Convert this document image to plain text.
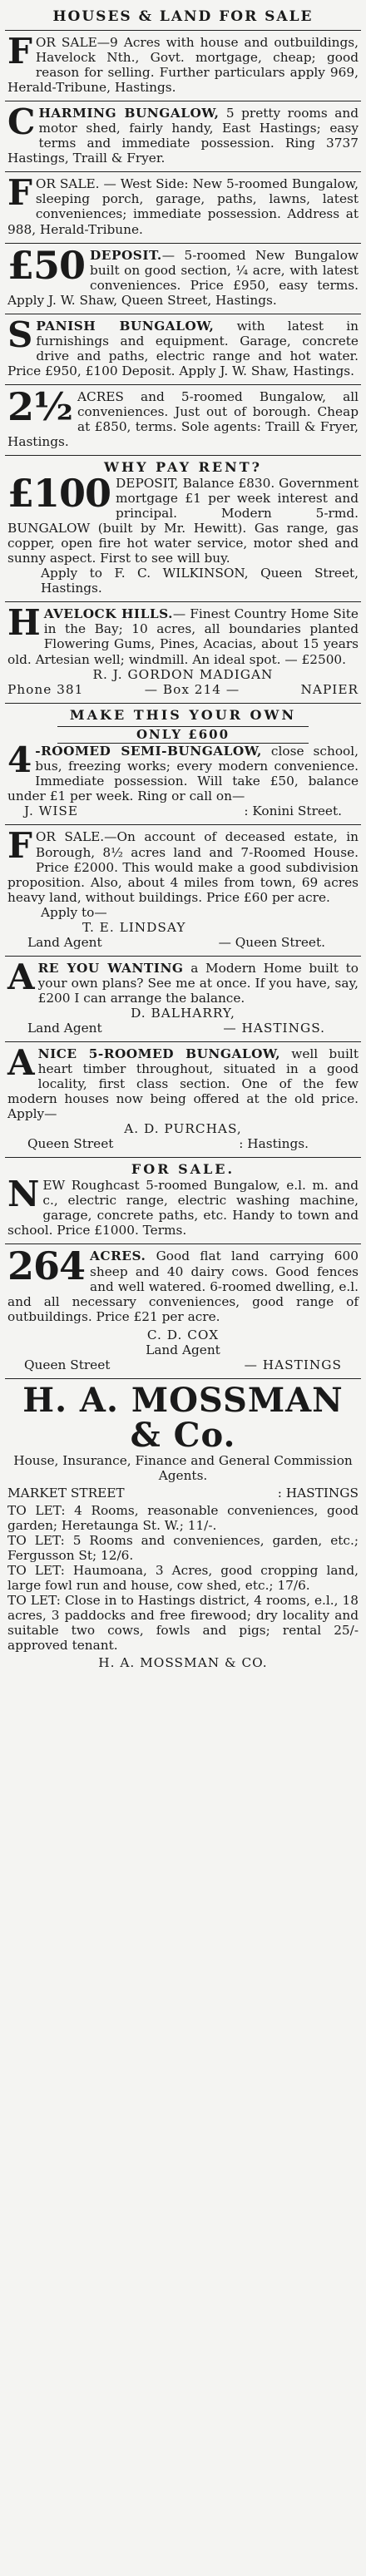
HOUSES & LAND FOR SALE
F OR SALE—9 Acres with house and outbuildings, Havelock Nth., Govt. mortgage, cheap; good reason for selling. Further particulars apply 969, Herald-Tribune, Hastings.

C HARMING BUNGALOW, 5 pretty rooms and motor shed, fairly handy, East Hastings; easy terms and immediate possession. Ring 3737 Hastings, Traill & Fryer.

F OR SALE. — West Side: New 5-roomed Bungalow, sleeping porch, garage, paths, lawns, latest conveniences; immediate possession. Address at 988, Herald-Tribune.

£50 DEPOSIT.— 5-roomed New Bungalow built on good section, ¼ acre, with latest conveniences. Price £950, easy terms. Apply J. W. Shaw, Queen Street, Hastings.

S PANISH BUNGALOW, with latest in furnishings and equipment. Garage, concrete drive and paths, electric range and hot water. Price £950, £100 Deposit. Apply J. W. Shaw, Hastings.

2½ ACRES and 5-roomed Bungalow, all conveniences. Just out of borough. Cheap at £850, terms. Sole agents: Traill & Fryer, Hastings.

WHY PAY RENT?
£100 DEPOSIT, Balance £830. Government mortgage £1 per week interest and principal. Modern 5-rmd. BUNGALOW (built by Mr. Hewitt). Gas range, gas copper, open fire hot water service, motor shed and sunny aspect. First to see will buy.

Apply to F. C. WILKINSON, Queen Street, Hastings.

H AVELOCK HILLS.— Finest Country Home Site in the Bay; 10 acres, all boundaries planted Flowering Gums, Pines, Acacias, about 15 years old. Artesian well; windmill. An ideal spot. — £2500.

R. J. GORDON MADIGAN

Phone 381	— Box 214 —	NAPIER
MAKE THIS YOUR OWN
ONLY £600
4 -ROOMED SEMI-BUNGALOW, close school, bus, freezing works; every modern convenience. Immediate possession. Will take £50, balance under £1 per week. Ring or call on—

J. WISE	: Konini Street.
F OR SALE.—On account of deceased estate, in Borough, 8½ acres land and 7-Roomed House. Price £2000. This would make a good subdivision proposition. Also, about 4 miles from town, 69 acres heavy land, without buildings. Price £60 per acre.

Apply to—

T. E. LINDSAY

Land Agent	— Queen Street.
A RE YOU WANTING a Modern Home built to your own plans? See me at once. If you have, say, £200 I can arrange the balance.

D. BALHARRY,

Land Agent	— HASTINGS.
A NICE 5-ROOMED BUNGALOW, well built heart timber throughout, situated in a good locality, first class section. One of the few modern houses now being offered at the old price. Apply—

A. D. PURCHAS,

Queen Street	: Hastings.
FOR SALE.
N EW Roughcast 5-roomed Bungalow, e.l. m. and c., electric range, electric washing machine, garage, concrete paths, etc. Handy to town and school. Price £1000. Terms.

264 ACRES. Good flat land carrying 600 sheep and 40 dairy cows. Good fences and well watered. 6-roomed dwelling, e.l. and all necessary conveniences, good range of outbuildings. Price £21 per acre.

C. D. COX

Land Agent

Queen Street	— HASTINGS
H. A. MOSSMAN & Co.

House, Insurance, Finance and General Commission Agents.

MARKET STREET	: HASTINGS

TO LET: 4 Rooms, reasonable conveniences, good garden; Heretaunga St. W.; 11/-.

TO LET: 5 Rooms and conveniences, garden, etc.; Fergusson St; 12/6.

TO LET: Haumoana, 3 Acres, good cropping land, large fowl run and house, cow shed, etc.; 17/6.

TO LET: Close in to Hastings district, 4 rooms, e.l., 18 acres, 3 paddocks and free firewood; dry locality and suitable two cows, fowls and pigs; rental 25/- approved tenant.

H. A. MOSSMAN & CO.
